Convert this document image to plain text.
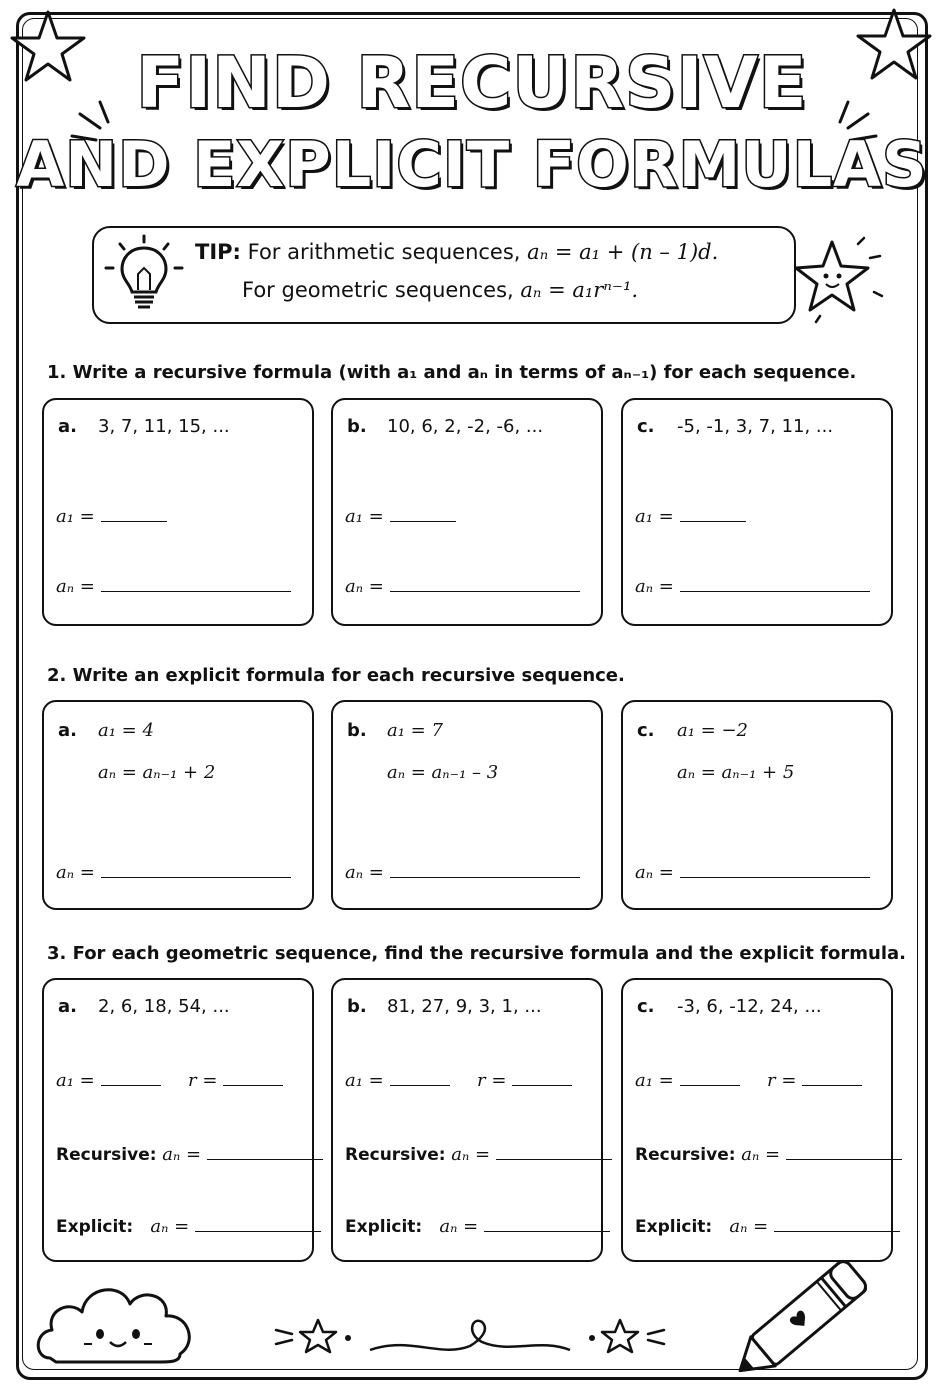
FIND RECURSIVE
AND EXPLICIT FORMULAS
TIP: For arithmetic sequences, aₙ = a₁ + (n – 1)d.
For geometric sequences, aₙ = a₁rⁿ⁻¹.
1. Write a recursive formula (with a₁ and aₙ in terms of aₙ₋₁) for each sequence.
a. 3, 7, 11, 15, ...
a₁ =
aₙ =
b. 10, 6, 2, -2, -6, ...
a₁ =
aₙ =
c. -5, -1, 3, 7, 11, ...
a₁ =
aₙ =
2. Write an explicit formula for each recursive sequence.
a. a₁ = 4
aₙ = aₙ₋₁ + 2
aₙ =
b. a₁ = 7
aₙ = aₙ₋₁ – 3
aₙ =
c. a₁ = −2
aₙ = aₙ₋₁ + 5
aₙ =
3. For each geometric sequence, find the recursive formula and the explicit formula.
a. 2, 6, 18, 54, ...
a₁ =	r =
Recursive: aₙ =
Explicit: aₙ =
b. 81, 27, 9, 3, 1, ...
a₁ =	r =
Recursive: aₙ =
Explicit: aₙ =
c. -3, 6, -12, 24, ...
a₁ =	r =
Recursive: aₙ =
Explicit: aₙ =
